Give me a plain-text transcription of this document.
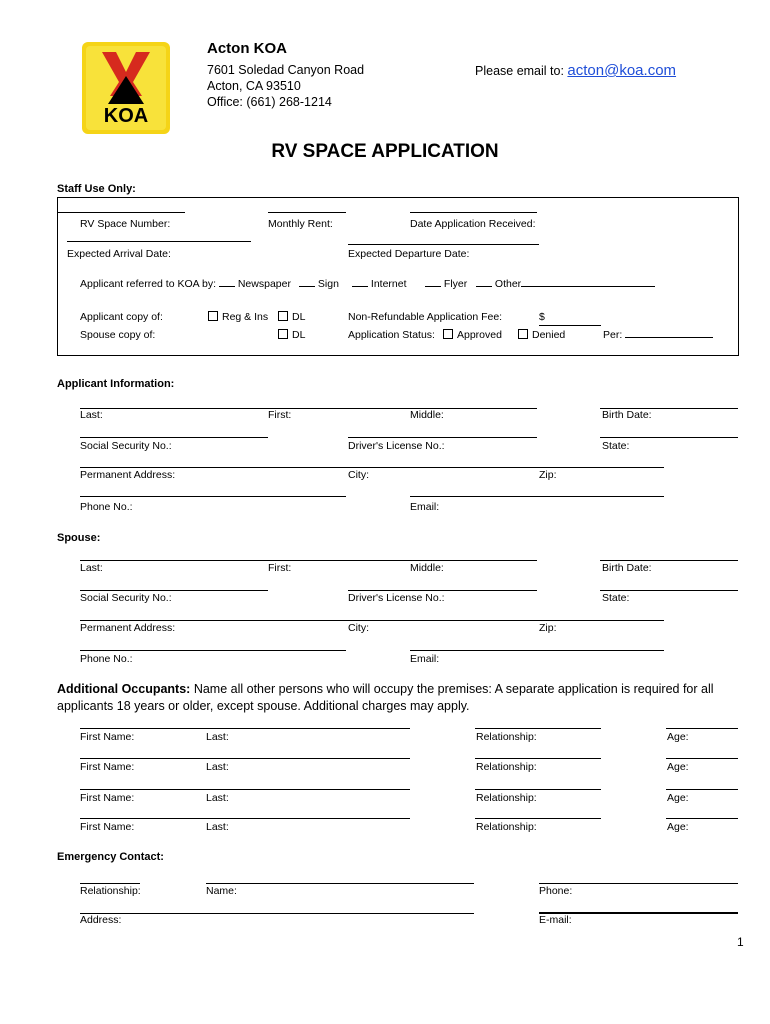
KOA
Acton KOA
7601 Soledad Canyon Road
Acton, CA 93510
Office: (661) 268-1214
Please email to: acton@koa.com
RV SPACE APPLICATION
Staff Use Only:
RV Space Number:	Monthly Rent:	Date Application Received:
Expected Arrival Date:	Expected Departure Date:
Applicant referred to KOA by: Newspaper	Sign	Internet	Flyer	Other
Applicant copy of:	Reg & Ins	DL	Non-Refundable Application Fee:	$
Spouse copy of:	DL	Application Status:	Approved	Denied	Per:
Applicant Information:
Last:	First:	Middle:	Birth Date:
Social Security No.:	Driver's License No.:	State:
Permanent Address:	City:	Zip:
Phone No.:	Email:
Spouse:
Last:	First:	Middle:	Birth Date:
Social Security No.:	Driver's License No.:	State:
Permanent Address:	City:	Zip:
Phone No.:	Email:
Additional Occupants: Name all other persons who will occupy the premises: A separate application is required for all
applicants 18 years or older, except spouse. Additional charges may apply.
First Name:	Last:	Relationship:	Age:
First Name:	Last:	Relationship:	Age:
First Name:	Last:	Relationship:	Age:
First Name:	Last:	Relationship:	Age:
Emergency Contact:
Relationship:	Name:	Phone:
Address:	E-mail:
1
